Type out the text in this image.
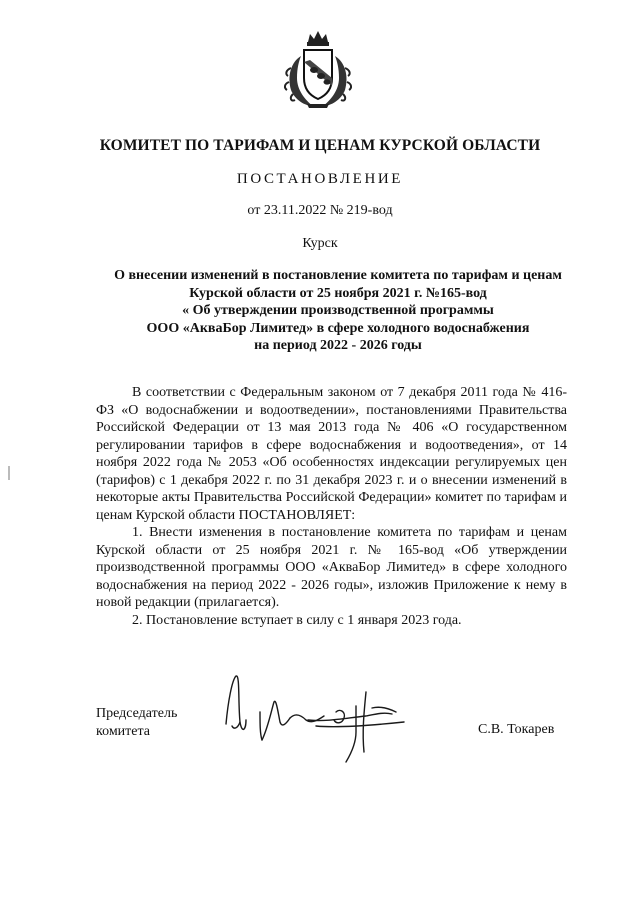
КОМИТЕТ ПО ТАРИФАМ И ЦЕНАМ КУРСКОЙ ОБЛАСТИ
ПОСТАНОВЛЕНИЕ
от 23.11.2022 № 219-вод
Курск
О внесении изменений в постановление комитета по тарифам и ценам
Курской области от 25 ноября 2021 г. №165-вод
« Об утверждении производственной программы
ООО «АкваБор Лимитед» в сфере холодного водоснабжения
на период 2022 - 2026 годы

В соответствии с Федеральным законом от 7 декабря 2011 года № 416-ФЗ «О водоснабжении и водоотведении», постановлениями Правительства Российской Федерации от 13 мая 2013 года № 406 «О государственном регулировании тарифов в сфере водоснабжения и водоотведения», от 14 ноября 2022 года № 2053 «Об особенностях индексации регулируемых цен (тарифов) с 1 декабря 2022 г. по 31 декабря 2023 г. и о внесении изменений в некоторые акты Правительства Российской Федерации» комитет по тарифам и ценам Курской области ПОСТАНОВЛЯЕТ:

1. Внести изменения в постановление комитета по тарифам и ценам Курской области от 25 ноября 2021 г. № 165-вод «Об утверждении производственной программы ООО «АкваБор Лимитед» в сфере холодного водоснабжения на период 2022 - 2026 годы», изложив Приложение к нему в новой редакции (прилагается).

2. Постановление вступает в силу с 1 января 2023 года.

Председатель
комитета	С.В. Токарев
